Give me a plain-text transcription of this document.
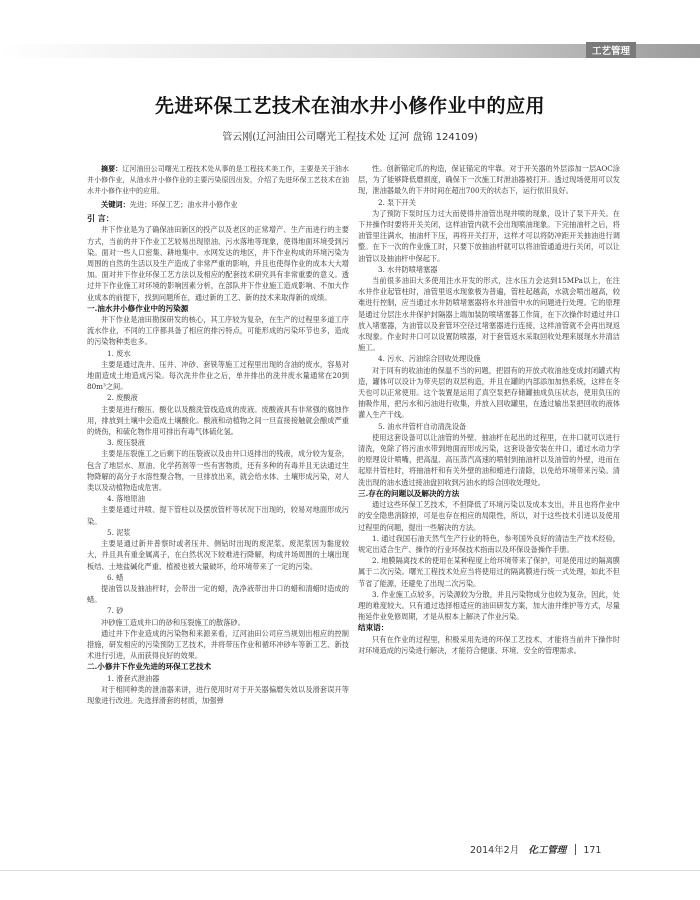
工艺管理
先进环保工艺技术在油水井小修作业中的应用
管云刚(辽河油田公司曙光工程技术处 辽河 盘锦 124109)

摘要：辽河油田公司曙光工程技术处从事的是工程技术美工作，主要是关于油水井小修作业，从油水井小修作业的主要污染原因出发，介绍了先进环保工艺技术在油水井小修作业中的应用。

关键词：先进；环保工艺；油水井小修作业

引 言：

井下作业是为了确保油田新区的投产以及老区的正常增产、生产而进行的主要方式，当前的井下作业工艺较易出现原油、污水落地等现象，使得地面环境受到污染。面对一些人口密集、耕地集中、水网发达的地区，井下作业构成的环境污染为周围的自然的生活以及生产造成了非常严重的影响，并且也使得作业的成本大大增加。面对井下作业环保工艺方法以及相应的配套技术研究具有非常重要的意义。透过井下作业施工对环境的影响因素分析，在部队井下作业施工造成影响、不加大作业成本的前提下，找到问题所在，通过新的工艺、新的技术来取得新的成绩。

一.油水井小修作业中的污染源

井下作业是油田勘探研发的核心，其工序较为复杂，在生产的过程里多道工序流水作业，不同的工序都具备了相应的排污特点，可能形成的污染环节也多，造成的污染物种类也多。

1. 废水

主要是通过洗井、压井、冲砂、套铣等施工过程里出现的含油的废水，容易对地面造成土地造成污染。每次洗井作业之后，单井排出的洗井废水量通常在20到80m³之间。

2. 废酸液

主要是进行酸压、酸化以及酸洗管线造成的废液。废酸液具有非常强的腐蚀作用，排放到土壤中会造成土壤酸化。酸液和动植物之间一旦直接接触就会酿成严重的烧伤，和硫化物作用可排出有毒气体硫化氢。

3. 废压裂液

主要是压裂施工之后剩下的压裂液以及由井口返排出的残液，成分较为复杂，包含了地层水、原油、化学药剂等一些有害物质，还有多种的有毒并且无法通过生物降解的高分子水溶性聚合物，一旦排放出来，就会给水体、土壤形成污染，对人类以及动植物造成危害。

4. 落地原油

主要是通过井喷、提下管柱以及摆放管杆等状况下出现的，较易对地面形成污染。

5. 泥浆

主要是通过新井普察时或者压井、侧钻时出现的废泥浆。废泥浆因为黏度较大，并且具有重金属离子，在白然状况下较难进行降解，构成井场周围的土壤出现板结、土地盐碱化严重、植被也被大量破坏，给环境带来了一定的污染。

6. 蜡

提油管以及抽油杆时，会带出一定的蜡，洗净液带出井口的蜡和清蜡时造成的蜡。

7. 砂

冲砂施工造成井口的砂和压裂施工的散落砂。

通过井下作业造成的污染物和来源来看，辽河油田公司应当规划出相应的控制措施，研发相应的污染预防工艺技术，并将带压作业和循环冲砂车等新工艺、新技术进行引进，从而获得良好的效果。

二.小修井下作业先进的环保工艺技术

1. 滑套式泄油器

对于相同种类的泄油器来讲，进行使用时对于开关器偏磨失效以及滑套误开等现象进行改进。先选择滑套的材质，加强弹

性。创新锚定爪的构造，保证锚定的牢靠。对于开关器的外层添加一层AOC涂层，为了能够降低磨损度，确保下一次施工时泄油器被打开。透过现场使用可以发现，泄油器最久的下井时间在超出700天的状态下，运行依旧良好。

2. 泵下开关

为了预防下泵时压力过大而使得井油管出现井喷的现象，设计了泵下开关。在下井操作时要将开关关闭，这样油管内就不会出现喷油现象。下完抽油杆之后，将油管里注满水，抽油杆下压，再将开关打开，这样才可以将防冲距开关抽油进行调整。在下一次的作业施工时，只要下放抽油杆就可以将油管通道进行关闭，可以让油管以及抽油杆中保起下。

3. 水井防喷堵塞器

当前很多油田大多使用注水开发的形式，注水压力会达到15MPa以上，在注水井作业起管柱时，油管里返水现象极为普遍，管柱起越高，水就会喷出越高，较难进行控制，应当通过水井防喷堵塞器将水井油管中水的问题进行处理。它的原理是通过分层注水井保护封隔器上端加装防喷堵塞器工作筒，在下次操作时通过井口放入堵塞器，为油管以及套管环空径过堵塞器进行连接，这样油管就不会再出现返水现象。作业时井口可以设置防喷器，对于套管返水采取回收处理来展现水井清洁施工。

4. 污水、污油综合回收处理设施

对于同有的收油池的保温不当的问题，把固有的开放式收油池变成封闭罐式构造，罐体可以设计为带夹层的双层构造，并且在罐的内部添加加热系统，这样在冬天也可以正常使用。这个装置是运用了真空泵把存储罐抽成负压状态，使用负压的抽吸作用，把污水和污油进行收集，并放入回收罐里，在透过输出泵把回收的液体灌入生产干线。

5. 油水井管杆自动清洗设备

使用这套设备可以让油管的外壁、抽油杆在起出的过程里，在井口就可以进行清洗，免除了将污油水带到地面而形成污染，这套设备安装在井口，通过水动力学的原理设计喷嘴，把高温、高压蒸汽高速的喷射到抽油杆以及油管的外壁，进而在起原井管柱时，将抽油杆和有关外壁的油和蜡进行清除，以免给环境带来污染。清洗出现的油水透过接油盘回收到污油水的综合回收处理处。

三.存在的问题以及解决的方法

通过这些环保工艺技术，不但降低了环境污染以及成本支出，并且也将作业中的安全隐患消除掉，可是也存在相应的局限性，所以，对于这些技术引进以及使用过程里的问题，提出一些解决的方法。

1. 通过我国石油天然气生产行业的特色，参考国外良好的清洁生产技术经验，规定出适合生产、操作的行业环保技术指南以及环保设备操作手册。

2. 地膜隔离技术的使用在某种程度上给环境带来了保护，可是使用过的隔离膜属于二次污染。曙光工程技术处应当将使用过的隔离膜进行统一式处理，如此不但节省了能源，还避免了出现二次污染。

3. 作业施工点较多，污染源较为分散，并且污染物成分也较为复杂，因此，处理的难度较大。只有通过选择相适应的油田研发方案，加大油井维护等方式，尽量拖延作业免修周期，才是从根本上解决了作业污染。

结束语：

只有在作业的过程里，积极采用先进的环保工艺技术，才能将当前井下操作时对环境造成的污染进行解决，才能符合健康、环境、安全的管理需求。

2014年2月 化工管理 171
